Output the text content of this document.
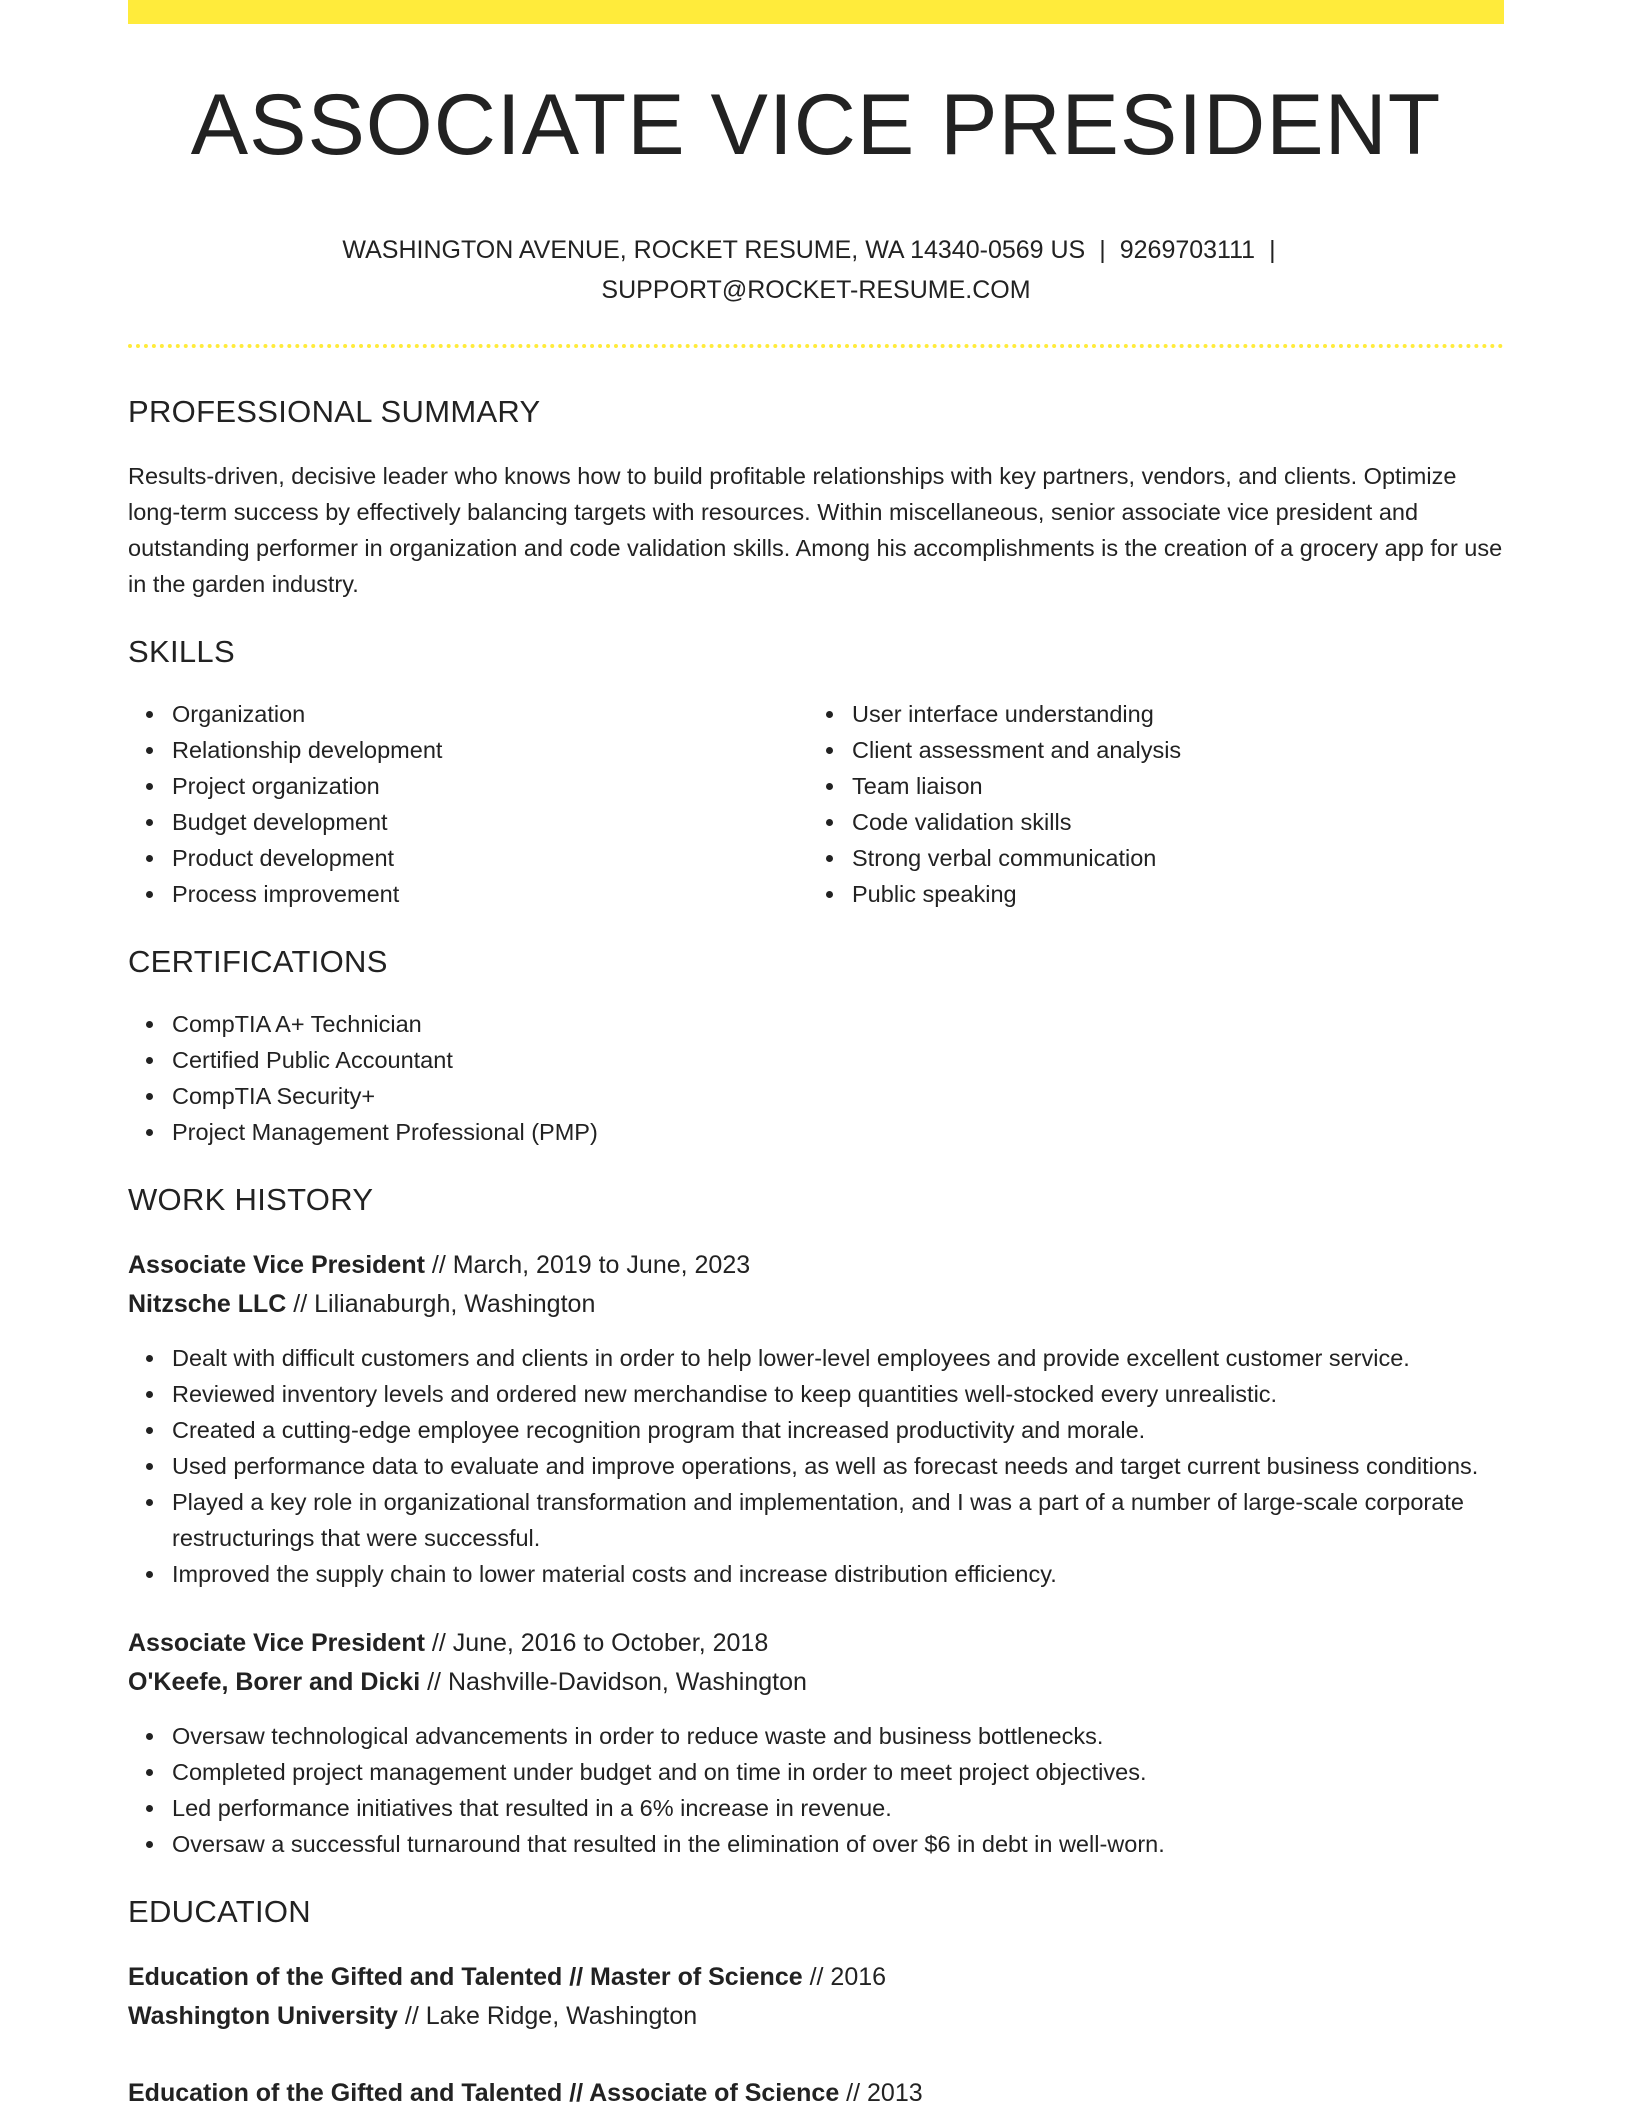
ASSOCIATE VICE PRESIDENT
WASHINGTON AVENUE, ROCKET RESUME, WA 14340-0569 US | 9269703111 |
SUPPORT@ROCKET-RESUME.COM
PROFESSIONAL SUMMARY

Results-driven, decisive leader who knows how to build profitable relationships with key partners, vendors, and clients. Optimize long-term success by effectively balancing targets with resources. Within miscellaneous, senior associate vice president and outstanding performer in organization and code validation skills. Among his accomplishments is the creation of a grocery app for use in the garden industry.

SKILLS
Organization
Relationship development
Project organization
Budget development
Product development
Process improvement
User interface understanding
Client assessment and analysis
Team liaison
Code validation skills
Strong verbal communication
Public speaking
CERTIFICATIONS
CompTIA A+ Technician
Certified Public Accountant
CompTIA Security+
Project Management Professional (PMP)
WORK HISTORY
Associate Vice President // March, 2019 to June, 2023
Nitzsche LLC // Lilianaburgh, Washington
Dealt with difficult customers and clients in order to help lower-level employees and provide excellent customer service.
Reviewed inventory levels and ordered new merchandise to keep quantities well-stocked every unrealistic.
Created a cutting-edge employee recognition program that increased productivity and morale.
Used performance data to evaluate and improve operations, as well as forecast needs and target current business conditions.
Played a key role in organizational transformation and implementation, and I was a part of a number of large-scale corporate restructurings that were successful.
Improved the supply chain to lower material costs and increase distribution efficiency.
Associate Vice President // June, 2016 to October, 2018
O'Keefe, Borer and Dicki // Nashville-Davidson, Washington
Oversaw technological advancements in order to reduce waste and business bottlenecks.
Completed project management under budget and on time in order to meet project objectives.
Led performance initiatives that resulted in a 6% increase in revenue.
Oversaw a successful turnaround that resulted in the elimination of over $6 in debt in well-worn.
EDUCATION
Education of the Gifted and Talented // Master of Science // 2016
Washington University // Lake Ridge, Washington
Education of the Gifted and Talented // Associate of Science // 2013
